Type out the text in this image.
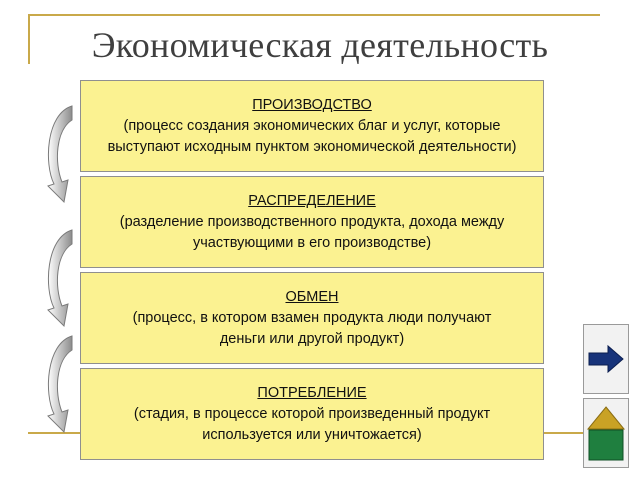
Экономическая деятельность
ПРОИЗВОДСТВО
(процесс создания экономических благ и услуг, которые
выступают исходным пунктом экономической деятельности)
РАСПРЕДЕЛЕНИЕ
(разделение производственного продукта, дохода между
участвующими в его производстве)
ОБМЕН
(процесс, в котором взамен продукта люди получают
деньги или другой продукт)
ПОТРЕБЛЕНИЕ
(стадия, в процессе которой произведенный продукт
используется или уничтожается)
